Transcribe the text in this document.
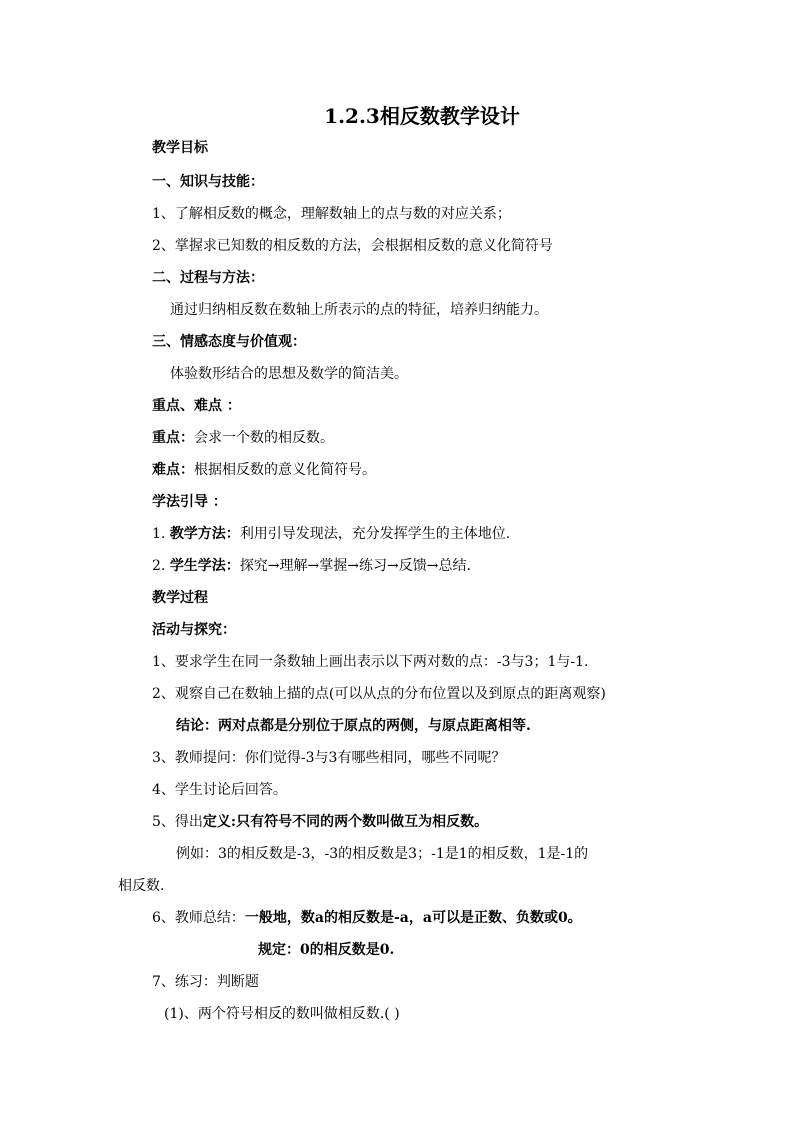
1.2.3相反数教学设计
教学目标
一、知识与技能：
1、了解相反数的概念，理解数轴上的点与数的对应关系；
2、掌握求已知数的相反数的方法，会根据相反数的意义化简符号
二、过程与方法：
通过归纳相反数在数轴上所表示的点的特征，培养归纳能力。
三、情感态度与价值观：
体验数形结合的思想及数学的简洁美。
重点、难点 ：
重点：会求一个数的相反数。
难点：根据相反数的意义化简符号。
学法引导 ：
1. 教学方法：利用引导发现法，充分发挥学生的主体地位.
2. 学生学法：探究→理解→掌握→练习→反馈→总结.
教学过程
活动与探究：
1、要求学生在同一条数轴上画出表示以下两对数的点：-3与3；1与-1.
2、观察自己在数轴上描的点(可以从点的分布位置以及到原点的距离观察)
结论：两对点都是分别位于原点的两侧，与原点距离相等.
3、教师提问：你们觉得-3与3有哪些相同，哪些不同呢？
4、学生讨论后回答。
5、得出定义:只有符号不同的两个数叫做互为相反数。
例如：3的相反数是-3，-3的相反数是3；-1是1的相反数，1是-1的
相反数.
6、教师总结：一般地，数a的相反数是-a，a可以是正数、负数或0。
规定：0的相反数是0.
7、练习：判断题
(1)、两个符号相反的数叫做相反数.( )
